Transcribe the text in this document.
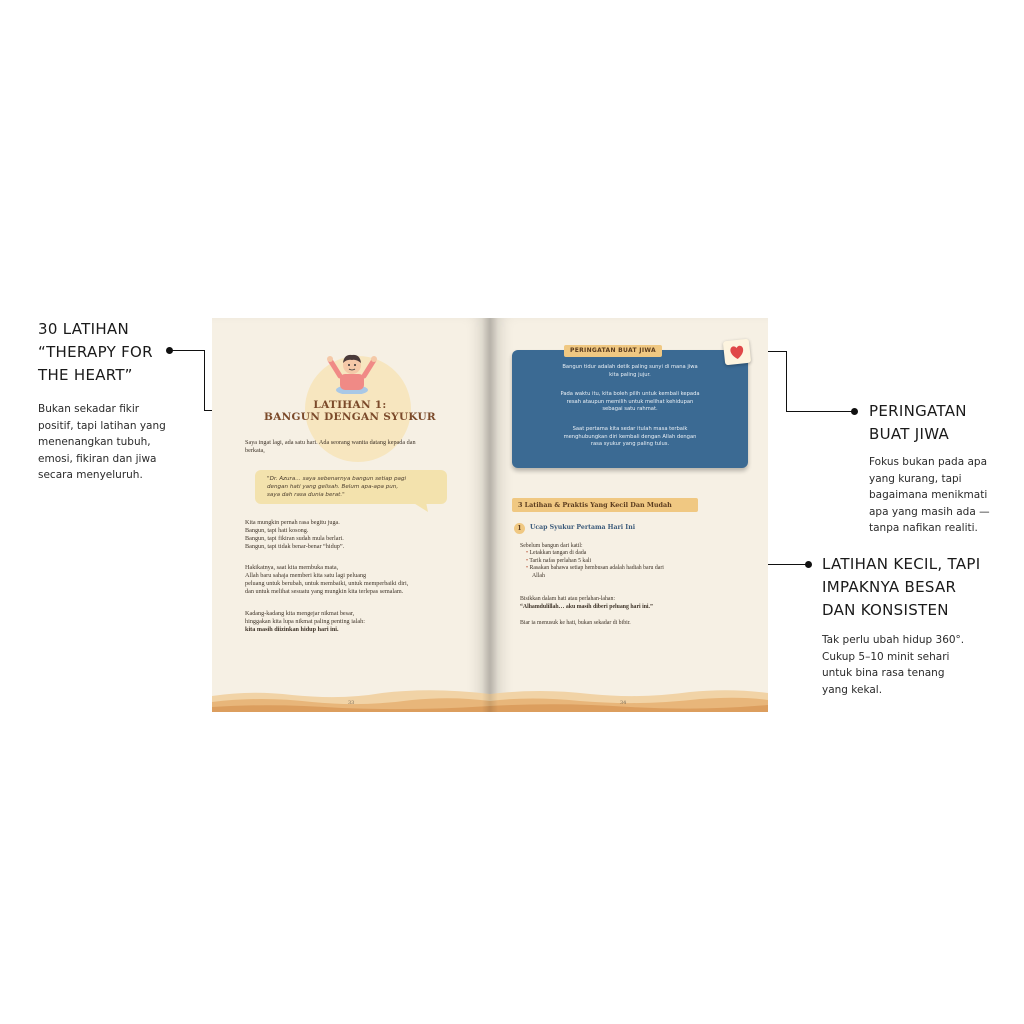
30 LATIHAN
“THERAPY FOR
THE HEART”
Bukan sekadar fikir
positif, tapi latihan yang
menenangkan tubuh,
emosi, fikiran dan jiwa
secara menyeluruh.
PERINGATAN
BUAT JIWA
Fokus bukan pada apa
yang kurang, tapi
bagaimana menikmati
apa yang masih ada —
tanpa nafikan realiti.
LATIHAN KECIL, TAPI
IMPAKNYA BESAR
DAN KONSISTEN
Tak perlu ubah hidup 360°.
Cukup 5–10 minit sehari
untuk bina rasa tenang
yang kekal.
LATIHAN 1:
BANGUN DENGAN SYUKUR
Saya ingat lagi, ada satu hari. Ada seorang wanita datang kepada dan
berkata,
"Dr. Azura… saya sebenarnya bangun setiap pagi
dengan hati yang gelisah. Belum apa-apa pun,
saya dah rasa dunia berat."
Kita mungkin pernah rasa begitu juga.
Bangun, tapi hati kosong.
Bangun, tapi fikiran sudah mula berlari.
Bangun, tapi tidak benar-benar “hidup”.
Hakikatnya, saat kita membuka mata,
Allah baru sahaja memberi kita satu lagi peluang
peluang untuk berubah, untuk membaiki, untuk memperbaiki diri,
dan untuk melihat sesuatu yang mungkin kita terlepas semalam.
Kadang-kadang kita mengejar nikmat besar,
hinggakan kita lupa nikmat paling penting ialah:
kita masih diizinkan hidup hari ini.
33
Bangun tidur adalah detik paling sunyi di mana jiwa
kita paling jujur.
Pada waktu itu, kita boleh pilih untuk kembali kepada
resah ataupun memilih untuk melihat kehidupan
sebagai satu rahmat.
Saat pertama kita sedar itulah masa terbaik
menghubungkan diri kembali dengan Allah dengan
rasa syukur yang paling tulus.
PERINGATAN BUAT JIWA
3 Latihan & Praktis Yang Kecil Dan Mudah
1	Ucap Syukur Pertama Hari Ini
Sebelum bangun dari katil:
• Letakkan tangan di dada
• Tarik nafas perlahan 5 kali
• Rasakan bahawa setiap hembusan adalah hadiah baru dari
Allah
Bisikkan dalam hati atau perlahan-lahan:
“Alhamdulillah… aku masih diberi peluang hari ini.”
Biar ia menusuk ke hati, bukan sekadar di bibir.
34
